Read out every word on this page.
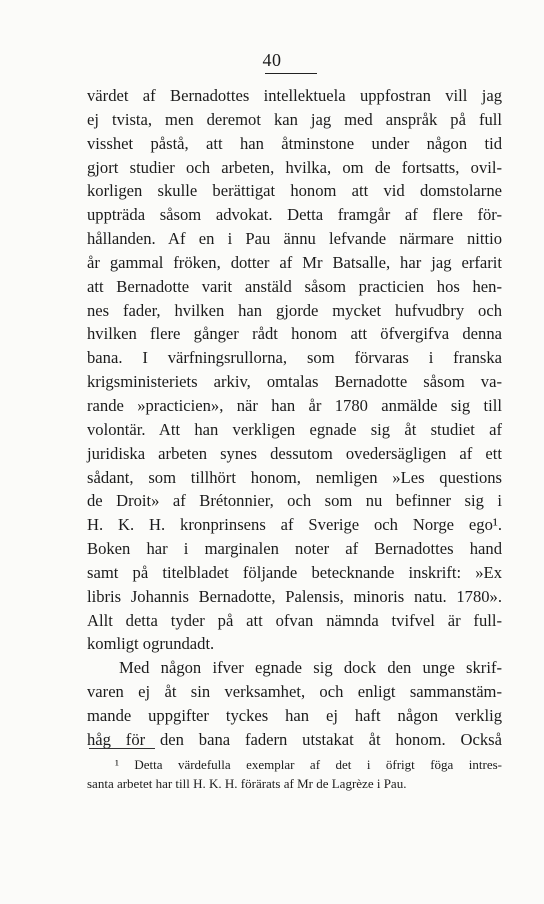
40
värdet af Bernadottes intellektuela uppfostran vill jag
ej tvista, men deremot kan jag med anspråk på full
visshet påstå, att han åtminstone under någon tid
gjort studier och arbeten, hvilka, om de fortsatts, ovil-
korligen skulle berättigat honom att vid domstolarne
uppträda såsom advokat. Detta framgår af flere för-
hållanden. Af en i Pau ännu lefvande närmare nittio
år gammal fröken, dotter af Mr Batsalle, har jag erfarit
att Bernadotte varit anstäld såsom practicien hos hen-
nes fader, hvilken han gjorde mycket hufvudbry och
hvilken flere gånger rådt honom att öfvergifva denna
bana. I värfningsrullorna, som förvaras i franska
krigsministeriets arkiv, omtalas Bernadotte såsom va-
rande »practicien», när han år 1780 anmälde sig till
volontär. Att han verkligen egnade sig åt studiet af
juridiska arbeten synes dessutom ovedersägligen af ett
sådant, som tillhört honom, nemligen »Les questions
de Droit» af Brétonnier, och som nu befinner sig i
H. K. H. kronprinsens af Sverige och Norge ego¹.
Boken har i marginalen noter af Bernadottes hand
samt på titelbladet följande betecknande inskrift: »Ex
libris Johannis Bernadotte, Palensis, minoris natu. 1780».
Allt detta tyder på att ofvan nämnda tvifvel är full-
komligt ogrundadt.
Med någon ifver egnade sig dock den unge skrif-
varen ej åt sin verksamhet, och enligt sammanstäm-
mande uppgifter tyckes han ej haft någon verklig
håg för den bana fadern utstakat åt honom. Också
¹ Detta värdefulla exemplar af det i öfrigt föga intres-
santa arbetet har till H. K. H. förärats af Mr de Lagrèze i Pau.
